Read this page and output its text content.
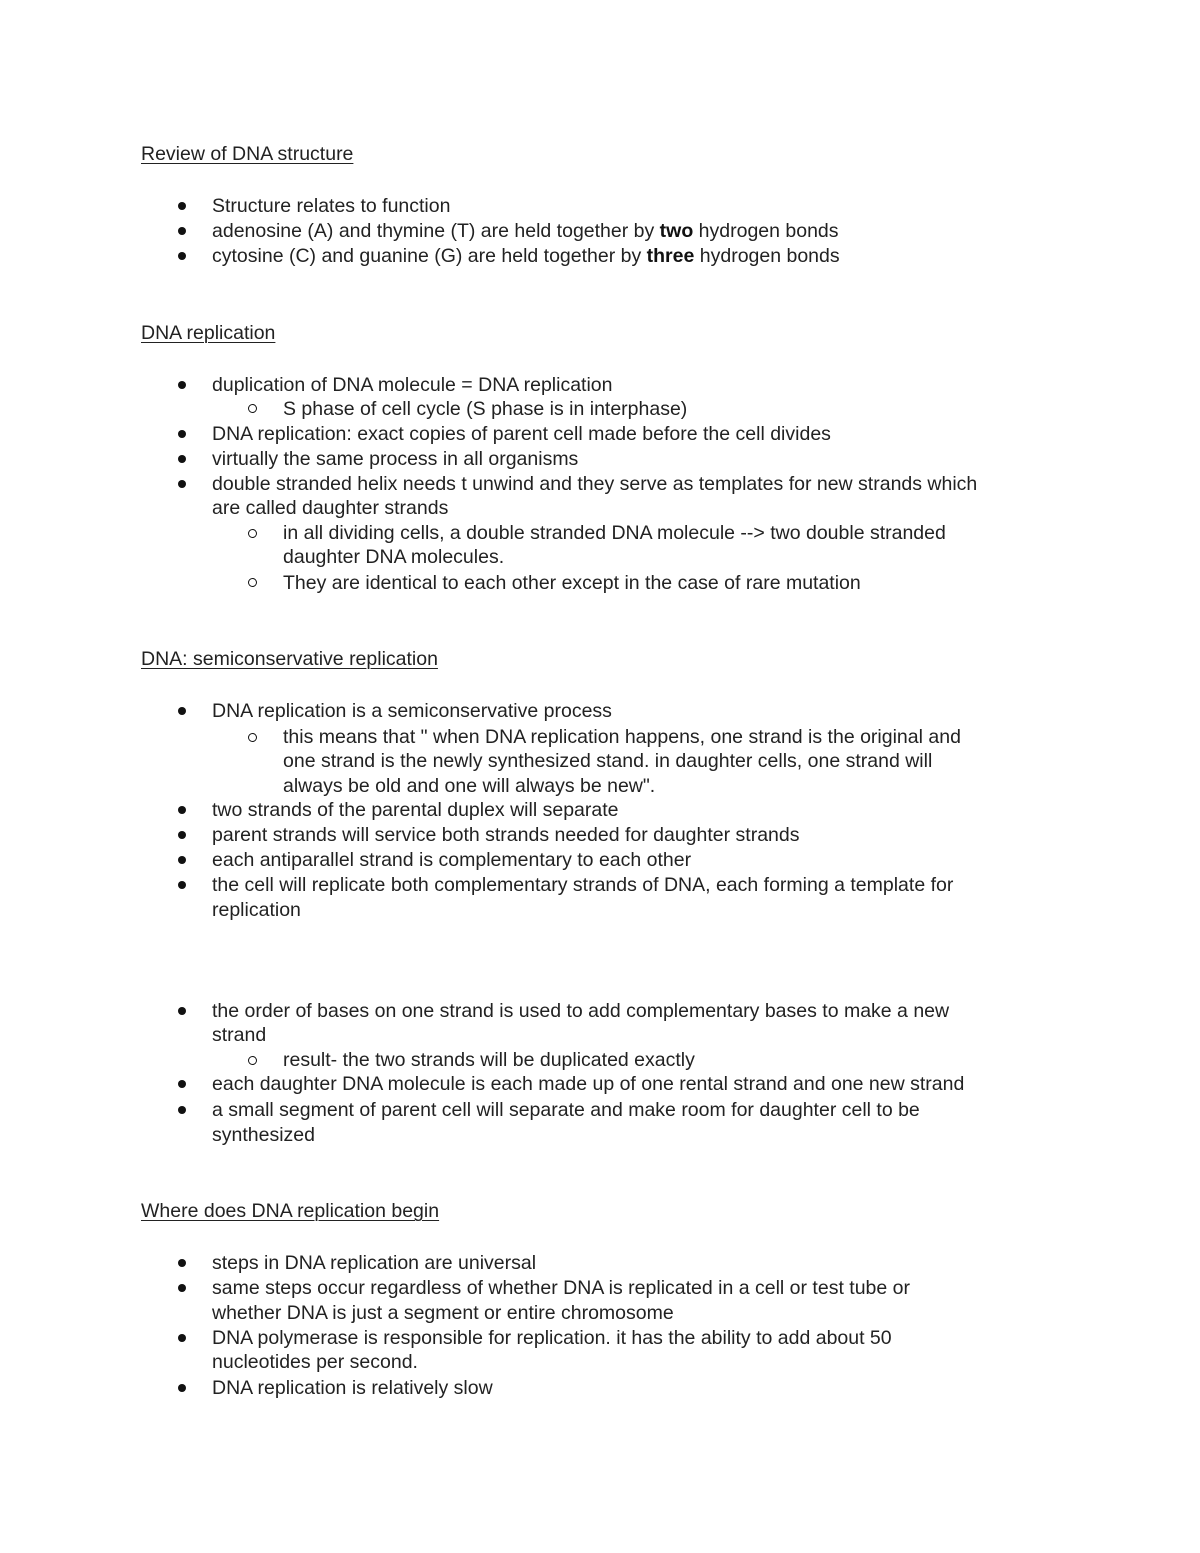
Review of DNA structure
Structure relates to function
adenosine (A) and thymine (T) are held together by two hydrogen bonds
cytosine (C) and guanine (G) are held together by three hydrogen bonds
DNA replication
duplication of DNA molecule = DNA replication
S phase of cell cycle (S phase is in interphase)
DNA replication: exact copies of parent cell made before the cell divides
virtually the same process in all organisms
double stranded helix needs t unwind and they serve as templates for new strands which
are called daughter strands
in all dividing cells, a double stranded DNA molecule --> two double stranded
daughter DNA molecules.
They are identical to each other except in the case of rare mutation
DNA: semiconservative replication
DNA replication is a semiconservative process
this means that " when DNA replication happens, one strand is the original and
one strand is the newly synthesized stand. in daughter cells, one strand will
always be old and one will always be new".
two strands of the parental duplex will separate
parent strands will service both strands needed for daughter strands
each antiparallel strand is complementary to each other
the cell will replicate both complementary strands of DNA, each forming a template for
replication
the order of bases on one strand is used to add complementary bases to make a new
strand
result- the two strands will be duplicated exactly
each daughter DNA molecule is each made up of one rental strand and one new strand
a small segment of parent cell will separate and make room for daughter cell to be
synthesized
Where does DNA replication begin
steps in DNA replication are universal
same steps occur regardless of whether DNA is replicated in a cell or test tube or
whether DNA is just a segment or entire chromosome
DNA polymerase is responsible for replication. it has the ability to add about 50
nucleotides per second.
DNA replication is relatively slow
